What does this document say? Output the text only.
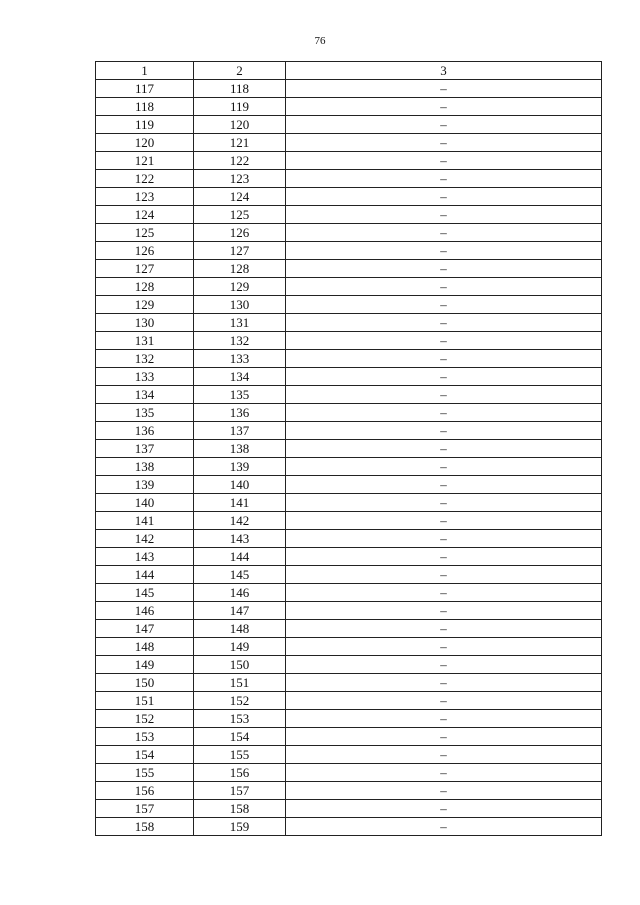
76
1	2	3
117	118	–
118	119	–
119	120	–
120	121	–
121	122	–
122	123	–
123	124	–
124	125	–
125	126	–
126	127	–
127	128	–
128	129	–
129	130	–
130	131	–
131	132	–
132	133	–
133	134	–
134	135	–
135	136	–
136	137	–
137	138	–
138	139	–
139	140	–
140	141	–
141	142	–
142	143	–
143	144	–
144	145	–
145	146	–
146	147	–
147	148	–
148	149	–
149	150	–
150	151	–
151	152	–
152	153	–
153	154	–
154	155	–
155	156	–
156	157	–
157	158	–
158	159	–
